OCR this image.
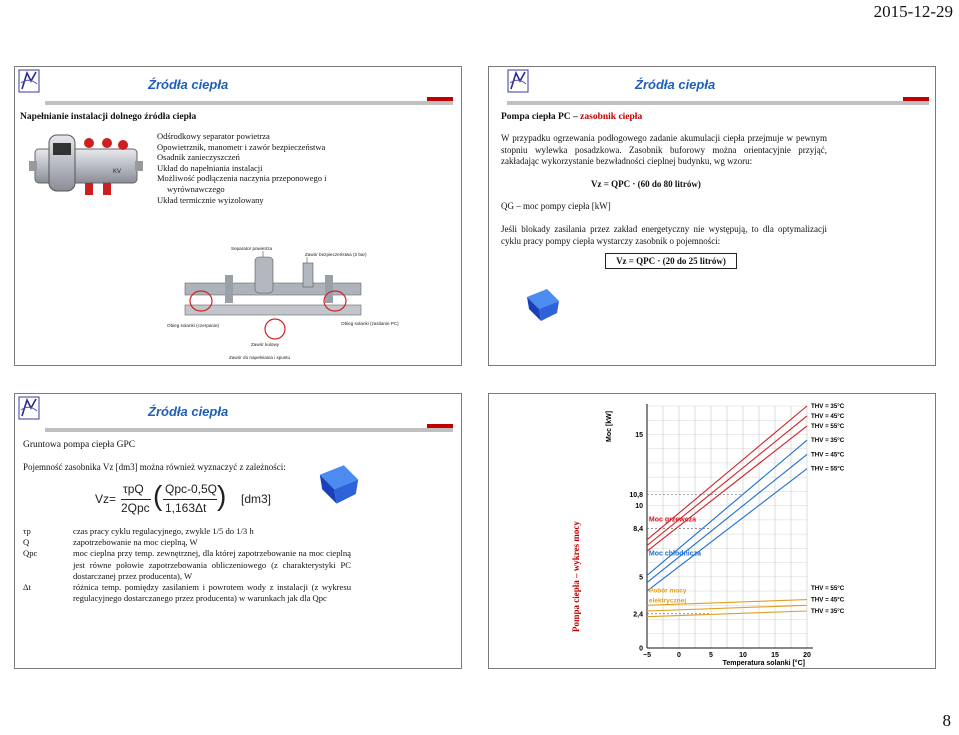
2015-12-29
8
Źródła ciepła
Napełnianie instalacji dolnego źródła ciepła
KV
Odśrodkowy separator powietrza
Opowietrznik, manometr i zawór bezpieczeństwa
Osadnik zanieczyszczeń
Układ do napełniania instalacji
Możliwość podłączenia naczynia przeponowego i
wyrównawczego
Układ termicznie wyizolowany
Separator powietrza
Zawór bezpieczeństwa (3 bar)
Obieg solanki (czerpanie)	Obieg solanki (zasilanie PC)
Zawór kulowy
Zawór do napełniania i spustu
Źródła ciepła
Pompa ciepła PC – zasobnik ciepła
W przypadku ogrzewania podłogowego zadanie akumulacji ciepła przejmuje w pewnym stopniu wylewka posadzkowa. Zasobnik buforowy można orientacyjnie przyjąć, zakładając wykorzystanie bezwładności cieplnej budynku, wg wzoru:
Vz = QPC · (60 do 80 litrów)
QG – moc pompy ciepła [kW]
Jeśli blokady zasilania przez zakład energetyczny nie występują, to dla optymalizacji cyklu pracy pompy ciepła wystarczy zasobnik o pojemności:
Vz = QPC · (20 do 25 litrów)
Źródła ciepła
Gruntowa pompa ciepła GPC
Pojemność zasobnika Vz [dm3] można również wyznaczyć z zależności:
Vz=
τpQ
2Qpc ( Qpc-0,5Q
1,163Δt ) [dm3]
τp	czas pracy cyklu regulacyjnego, zwykle 1/5 do 1/3 h
Q	zapotrzebowanie na moc cieplną, W
Qpc	moc cieplna przy temp. zewnętrznej, dla której zapotrzebowanie na moc cieplną jest równe połowie zapotrzebowania obliczeniowego (z charakterystyki PC dostarczanej przez producenta), W
Δt	różnica temp. pomiędzy zasilaniem i powrotem wody z instalacji (z wykresu regulacyjnego dostarczanego przez producenta) w warunkach jak dla Qpc	Pompa ciepła – wykres mocy
−5	0	5	10	15	20
15
10,8
10
8,4
5
2,4
0
Temperatura solanki [°C]
Moc [kW]
Moc grzewcza
Moc chłodnicza
Pobór mocy
elektrycznej
THV = 35°C
THV = 45°C
THV = 55°C
THV = 35°C
THV = 45°C
THV = 55°C
THV = 55°C
THV = 45°C
THV = 35°C
